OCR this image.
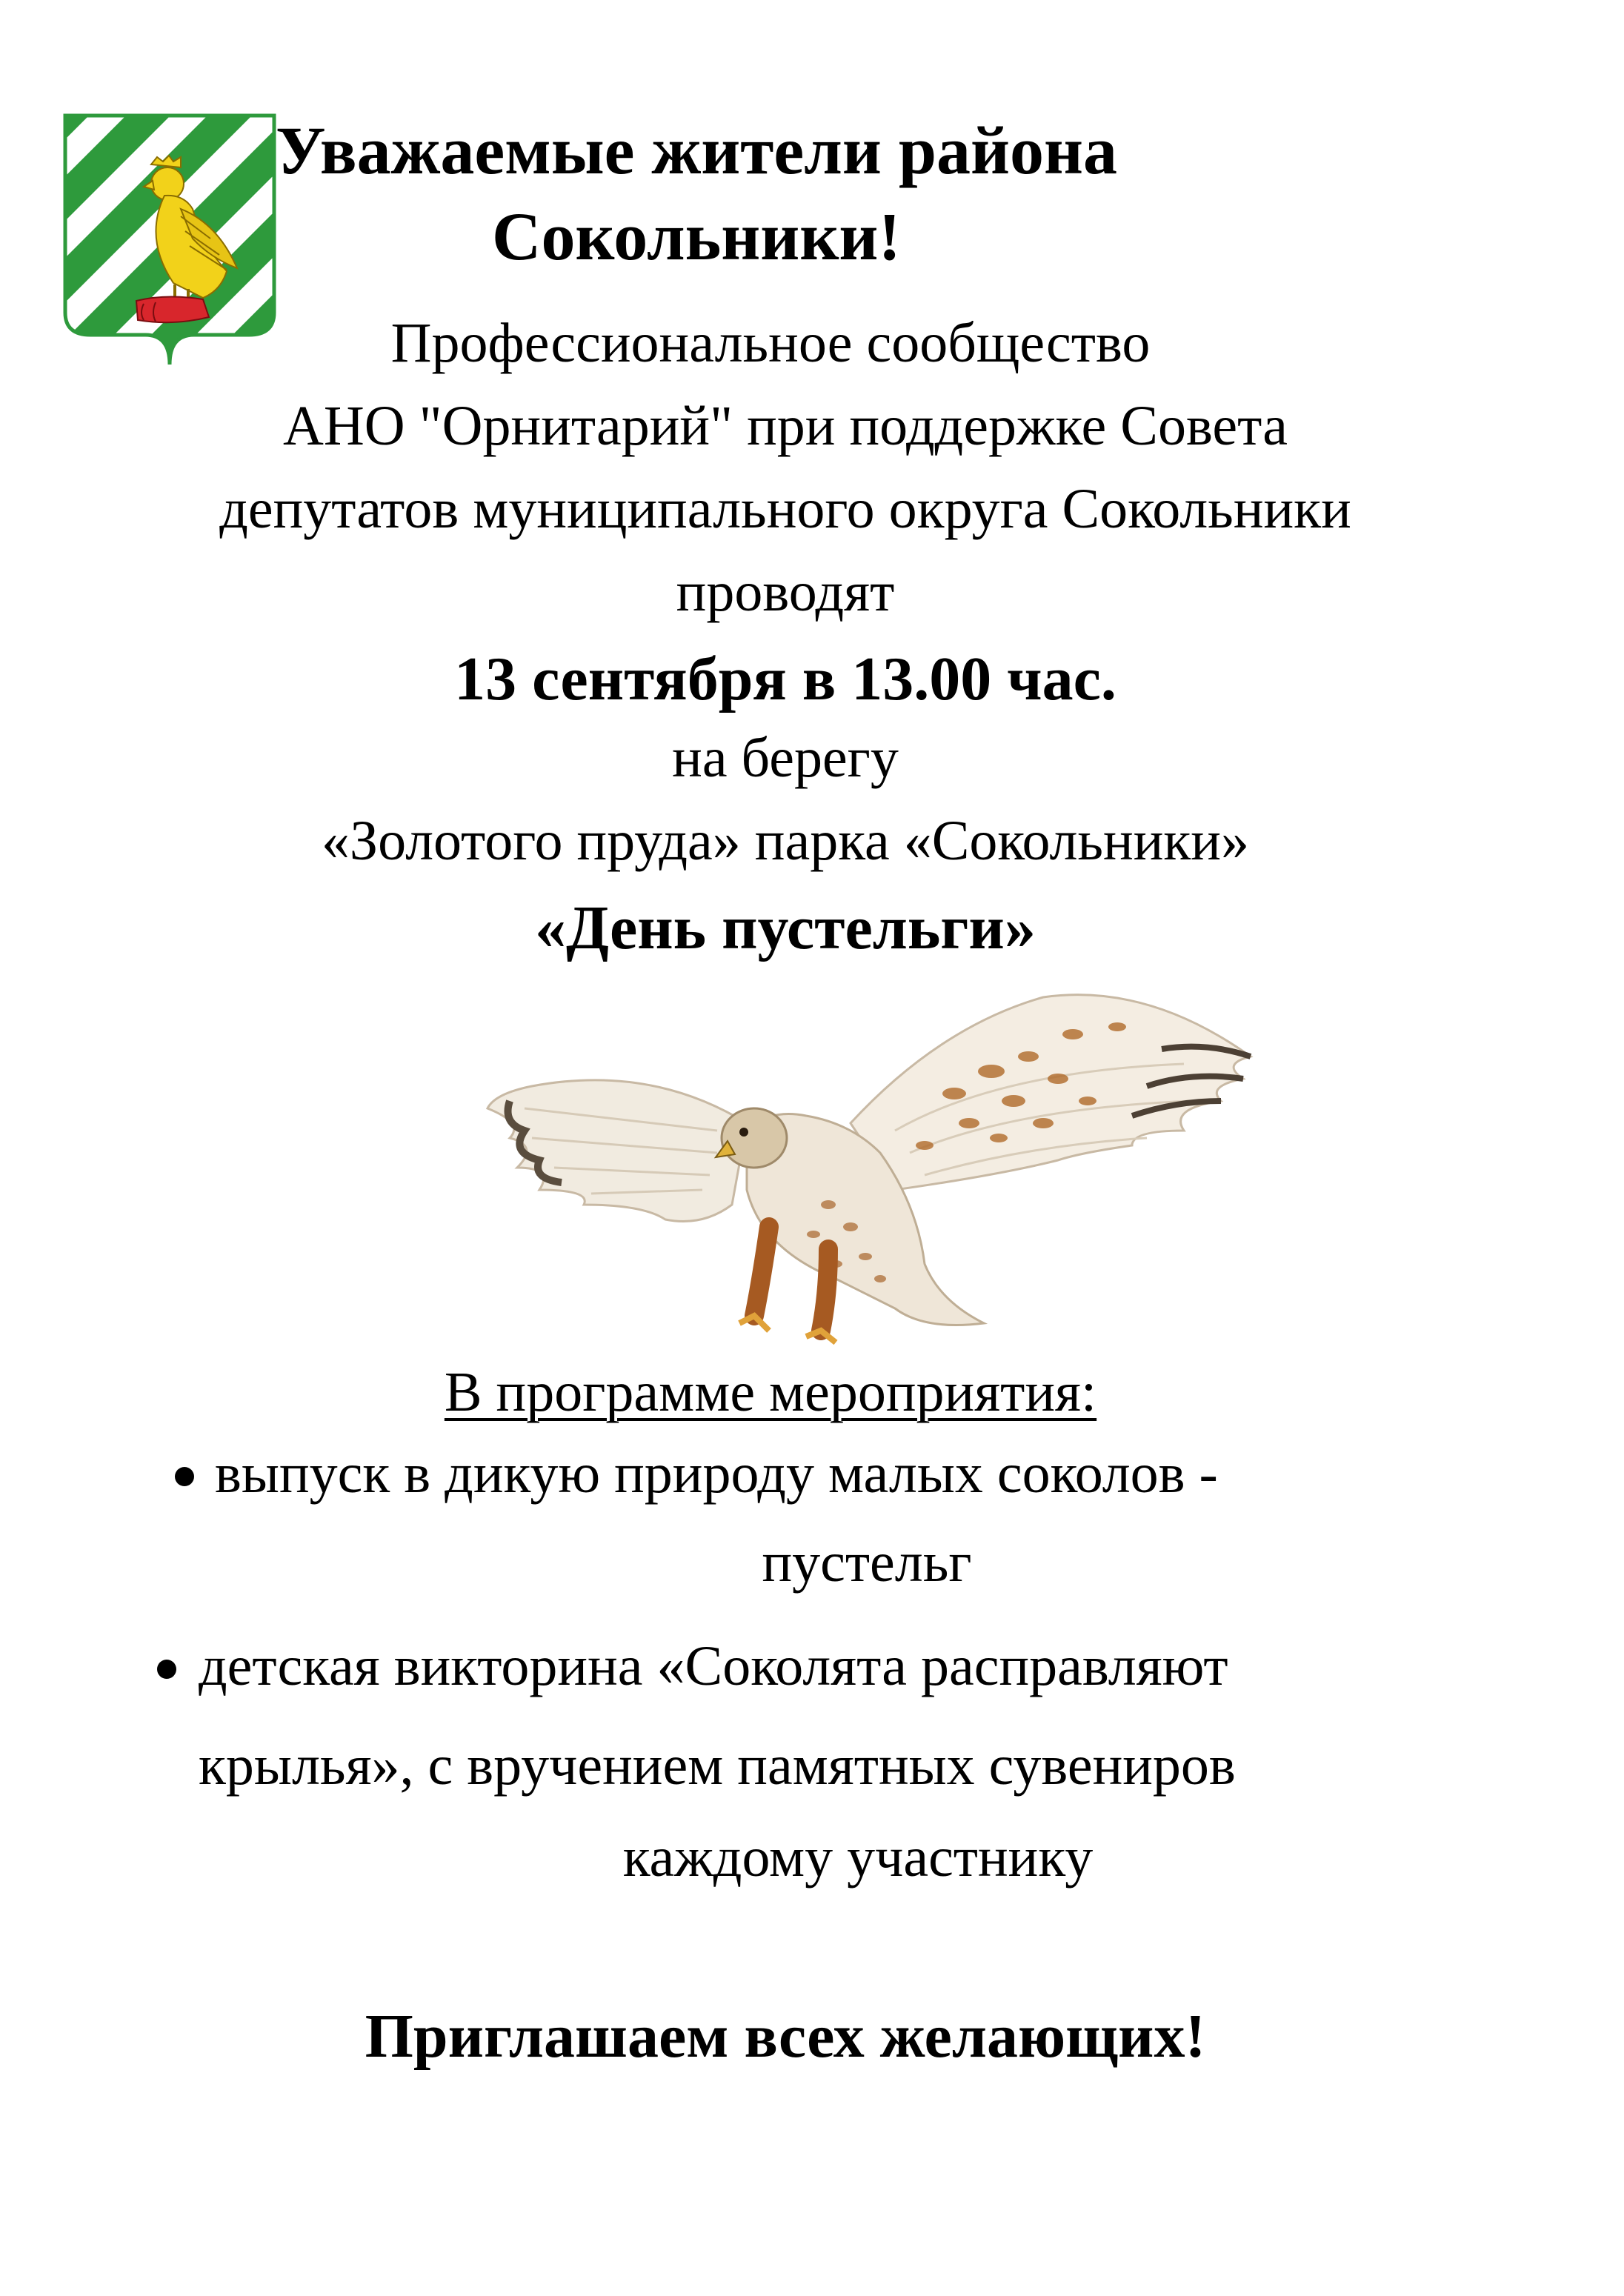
Уважаемые жители района
Сокольники!
Профессиональное сообщество
АНО "Орнитарий" при поддержке Совета
депутатов муниципального округа Сокольники
проводят
13 сентября в 13.00 час.
на берегу
«Золотого пруда» парка «Сокольники»
«День пустельги»
В программе мероприятия:
выпуск в дикую природу малых соколов -
пустельг
детская викторина «Соколята расправляют
крылья», с вручением памятных сувениров
каждому участнику
Приглашаем всех желающих!
